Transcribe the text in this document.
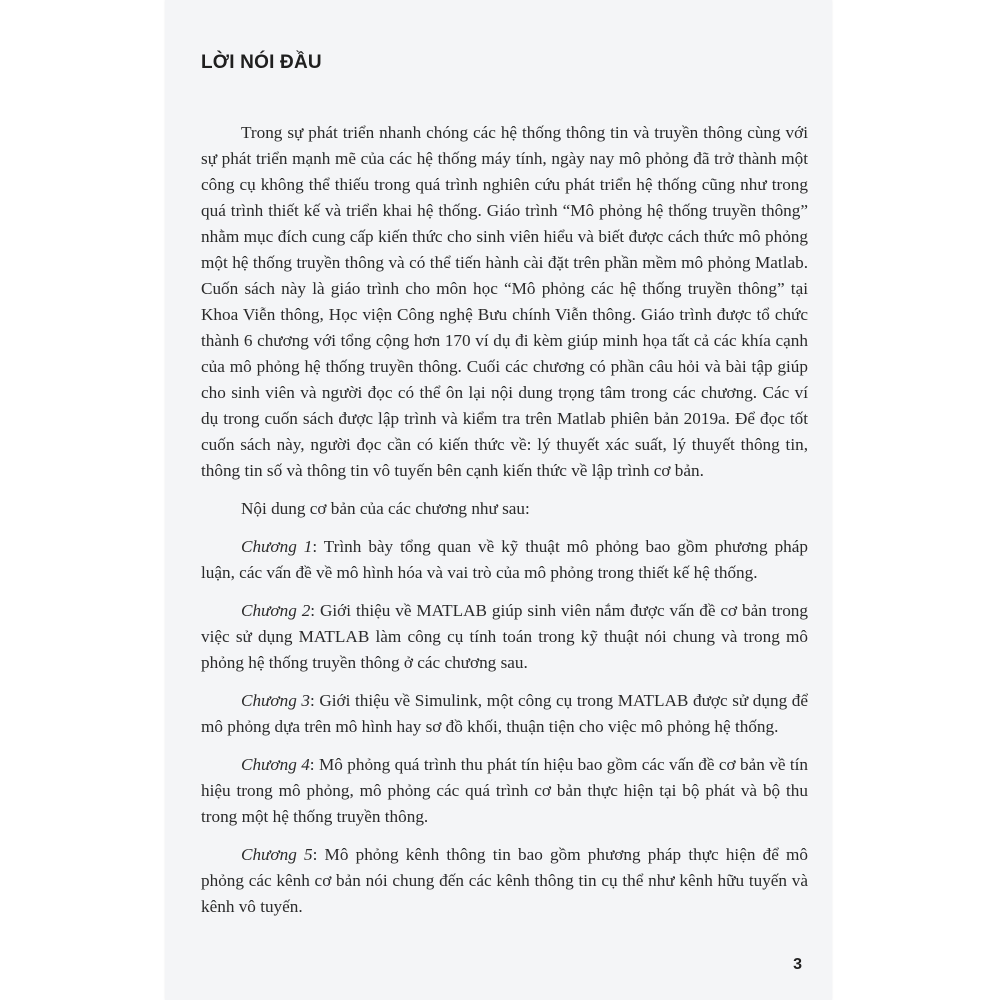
LỜI NÓI ĐẦU

Trong sự phát triển nhanh chóng các hệ thống thông tin và truyền thông cùng với sự phát triển mạnh mẽ của các hệ thống máy tính, ngày nay mô phỏng đã trở thành một công cụ không thể thiếu trong quá trình nghiên cứu phát triển hệ thống cũng như trong quá trình thiết kế và triển khai hệ thống. Giáo trình “Mô phỏng hệ thống truyền thông” nhằm mục đích cung cấp kiến thức cho sinh viên hiểu và biết được cách thức mô phỏng một hệ thống truyền thông và có thể tiến hành cài đặt trên phần mềm mô phỏng Matlab. Cuốn sách này là giáo trình cho môn học “Mô phỏng các hệ thống truyền thông” tại Khoa Viễn thông, Học viện Công nghệ Bưu chính Viễn thông. Giáo trình được tổ chức thành 6 chương với tổng cộng hơn 170 ví dụ đi kèm giúp minh họa tất cả các khía cạnh của mô phỏng hệ thống truyền thông. Cuối các chương có phần câu hỏi và bài tập giúp cho sinh viên và người đọc có thể ôn lại nội dung trọng tâm trong các chương. Các ví dụ trong cuốn sách được lập trình và kiểm tra trên Matlab phiên bản 2019a. Để đọc tốt cuốn sách này, người đọc cần có kiến thức về: lý thuyết xác suất, lý thuyết thông tin, thông tin số và thông tin vô tuyến bên cạnh kiến thức về lập trình cơ bản.

Nội dung cơ bản của các chương như sau:

Chương 1: Trình bày tổng quan về kỹ thuật mô phỏng bao gồm phương pháp luận, các vấn đề về mô hình hóa và vai trò của mô phỏng trong thiết kế hệ thống.

Chương 2: Giới thiệu về MATLAB giúp sinh viên nắm được vấn đề cơ bản trong việc sử dụng MATLAB làm công cụ tính toán trong kỹ thuật nói chung và trong mô phỏng hệ thống truyền thông ở các chương sau.

Chương 3: Giới thiệu về Simulink, một công cụ trong MATLAB được sử dụng để mô phỏng dựa trên mô hình hay sơ đồ khối, thuận tiện cho việc mô phỏng hệ thống.

Chương 4: Mô phỏng quá trình thu phát tín hiệu bao gồm các vấn đề cơ bản về tín hiệu trong mô phỏng, mô phỏng các quá trình cơ bản thực hiện tại bộ phát và bộ thu trong một hệ thống truyền thông.

Chương 5: Mô phỏng kênh thông tin bao gồm phương pháp thực hiện để mô phỏng các kênh cơ bản nói chung đến các kênh thông tin cụ thể như kênh hữu tuyến và kênh vô tuyến.

3
